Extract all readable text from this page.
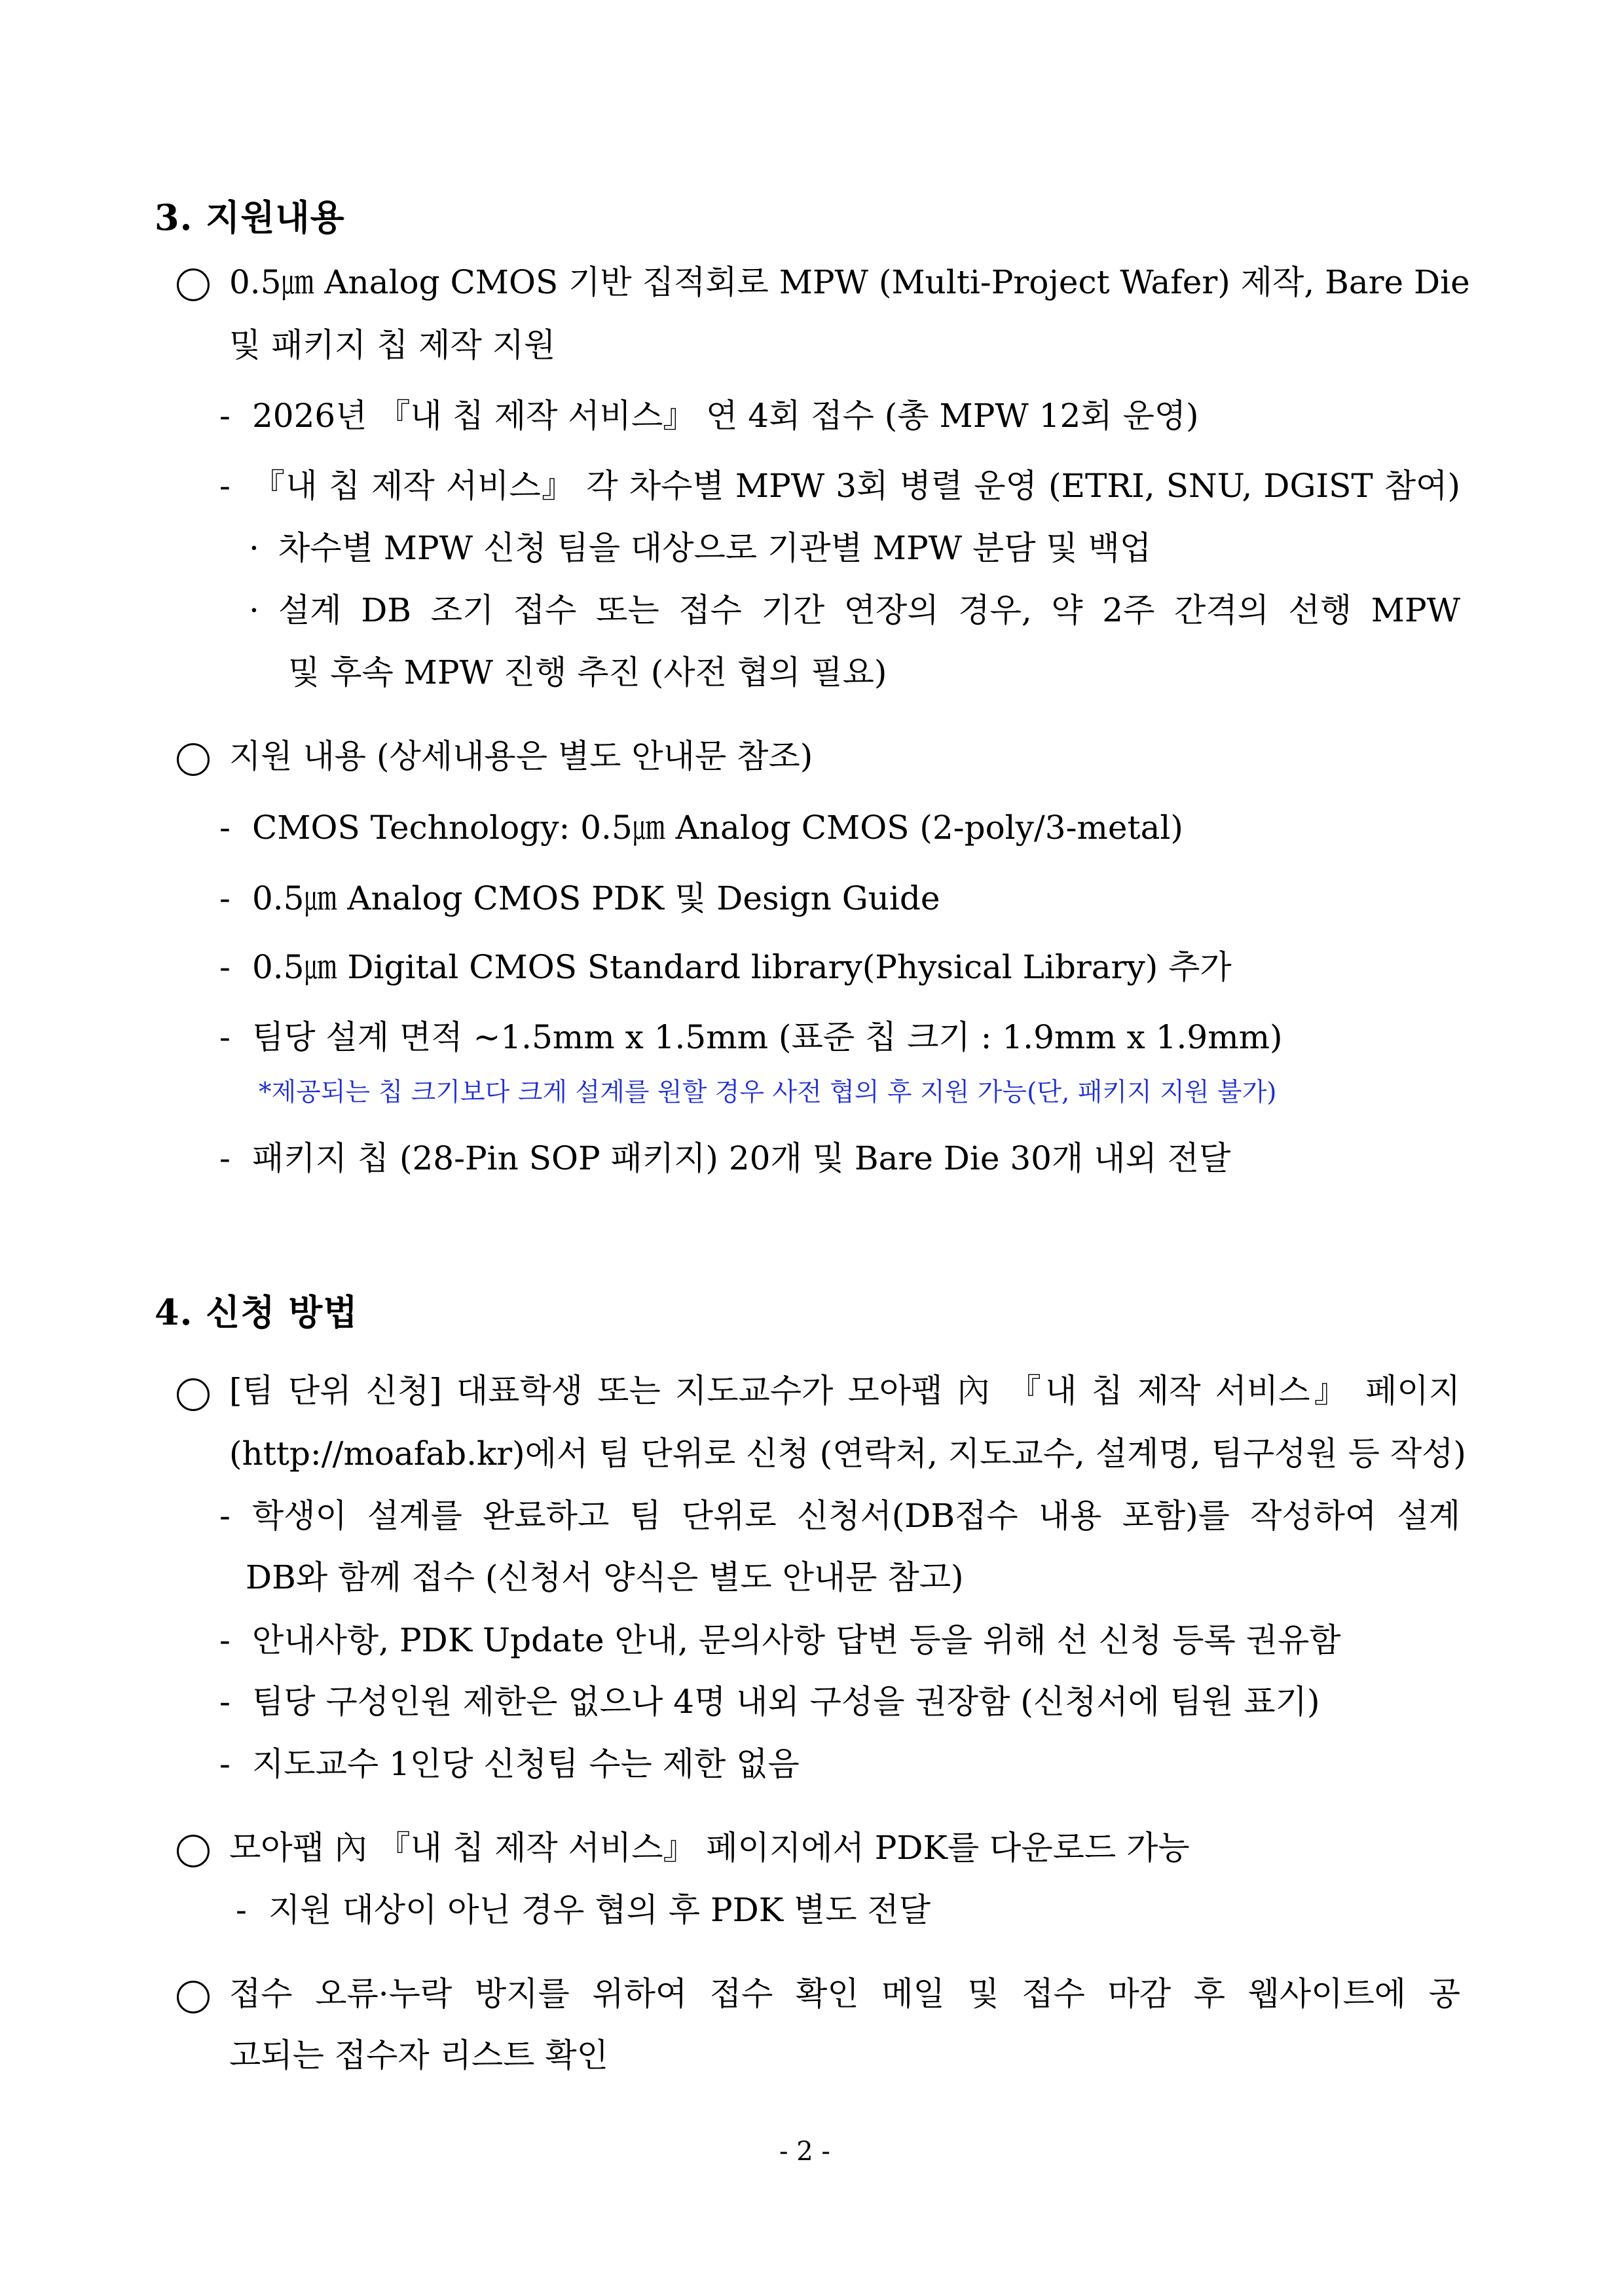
3. 지원내용
0.5㎛ Analog CMOS 기반 집적회로 MPW (Multi-Project Wafer) 제작, Bare Die
및 패키지 칩 제작 지원
- 2026년 『내 칩 제작 서비스』 연 4회 접수 (총 MPW 12회 운영)
- 『내 칩 제작 서비스』 각 차수별 MPW 3회 병렬 운영 (ETRI, SNU, DGIST 참여)
· 차수별 MPW 신청 팀을 대상으로 기관별 MPW 분담 및 백업
· 설계 DB 조기 접수 또는 접수 기간 연장의 경우, 약 2주 간격의 선행 MPW
및 후속 MPW 진행 추진 (사전 협의 필요)
지원 내용 (상세내용은 별도 안내문 참조)
- CMOS Technology: 0.5㎛ Analog CMOS (2-poly/3-metal)
- 0.5㎛ Analog CMOS PDK 및 Design Guide
- 0.5㎛ Digital CMOS Standard library(Physical Library) 추가
- 팀당 설계 면적 ~1.5mm x 1.5mm (표준 칩 크기 : 1.9mm x 1.9mm)
*제공되는 칩 크기보다 크게 설계를 원할 경우 사전 협의 후 지원 가능(단, 패키지 지원 불가)
- 패키지 칩 (28-Pin SOP 패키지) 20개 및 Bare Die 30개 내외 전달
4. 신청 방법
[팀 단위 신청] 대표학생 또는 지도교수가 모아팹 內 『내 칩 제작 서비스』 페이지
(http://moafab.kr)에서 팀 단위로 신청 (연락처, 지도교수, 설계명, 팀구성원 등 작성)
- 학생이 설계를 완료하고 팀 단위로 신청서(DB접수 내용 포함)를 작성하여 설계
DB와 함께 접수 (신청서 양식은 별도 안내문 참고)
- 안내사항, PDK Update 안내, 문의사항 답변 등을 위해 선 신청 등록 권유함
- 팀당 구성인원 제한은 없으나 4명 내외 구성을 권장함 (신청서에 팀원 표기)
- 지도교수 1인당 신청팀 수는 제한 없음
모아팹 內 『내 칩 제작 서비스』 페이지에서 PDK를 다운로드 가능
- 지원 대상이 아닌 경우 협의 후 PDK 별도 전달
접수 오류·누락 방지를 위하여 접수 확인 메일 및 접수 마감 후 웹사이트에 공
고되는 접수자 리스트 확인
- 2 -
